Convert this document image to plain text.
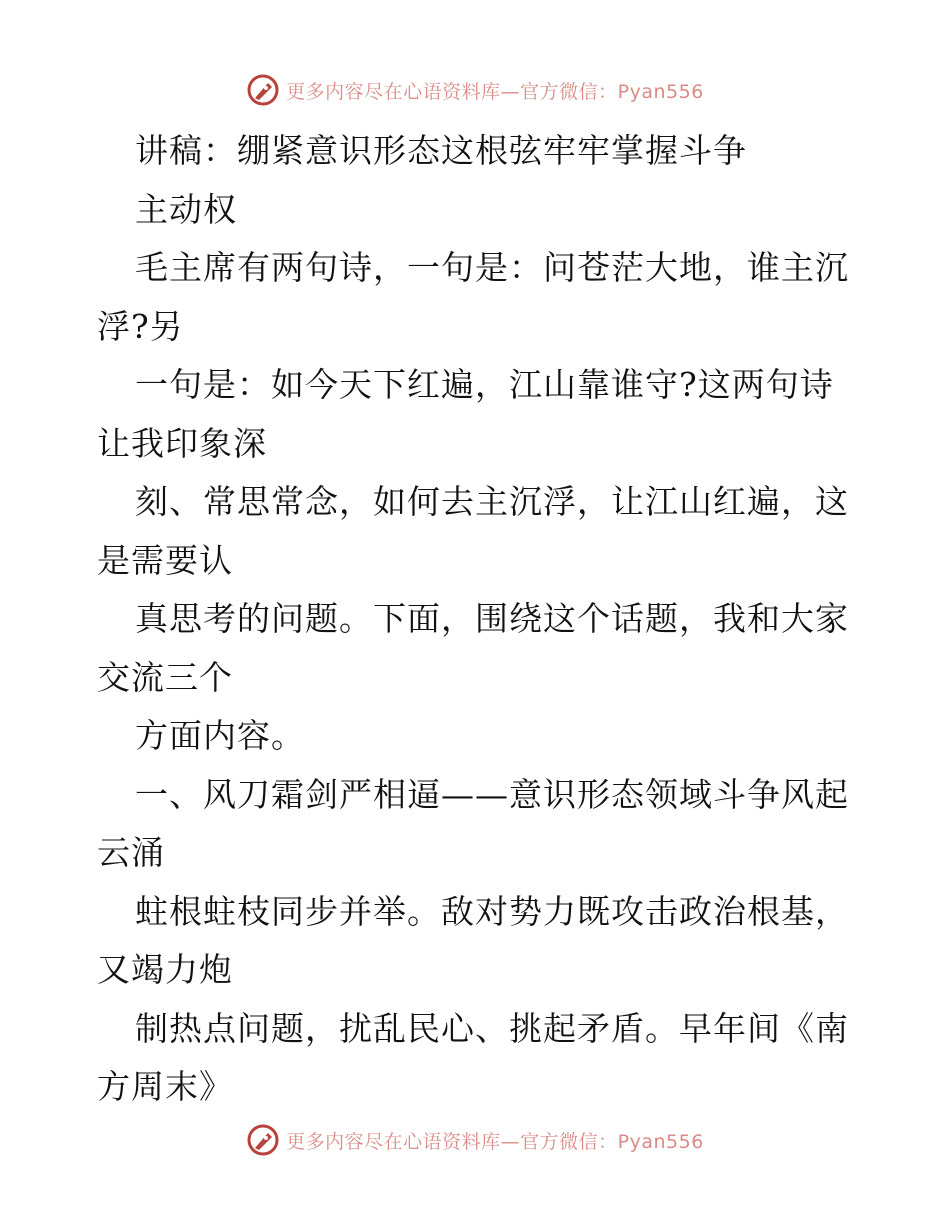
更多内容尽在心语资料库—官方微信：Pyan556
讲稿：绷紧意识形态这根弦牢牢掌握斗争
主动权
毛主席有两句诗，一句是：问苍茫大地，谁主沉
浮?另
一句是：如今天下红遍，江山靠谁守?这两句诗
让我印象深
刻、常思常念，如何去主沉浮，让江山红遍，这
是需要认
真思考的问题。下面，围绕这个话题，我和大家
交流三个
方面内容。
一、风刀霜剑严相逼——意识形态领域斗争风起
云涌
蛀根蛀枝同步并举。敌对势力既攻击政治根基，
又竭力炮
制热点问题，扰乱民心、挑起矛盾。早年间《南
方周末》
更多内容尽在心语资料库—官方微信：Pyan556
